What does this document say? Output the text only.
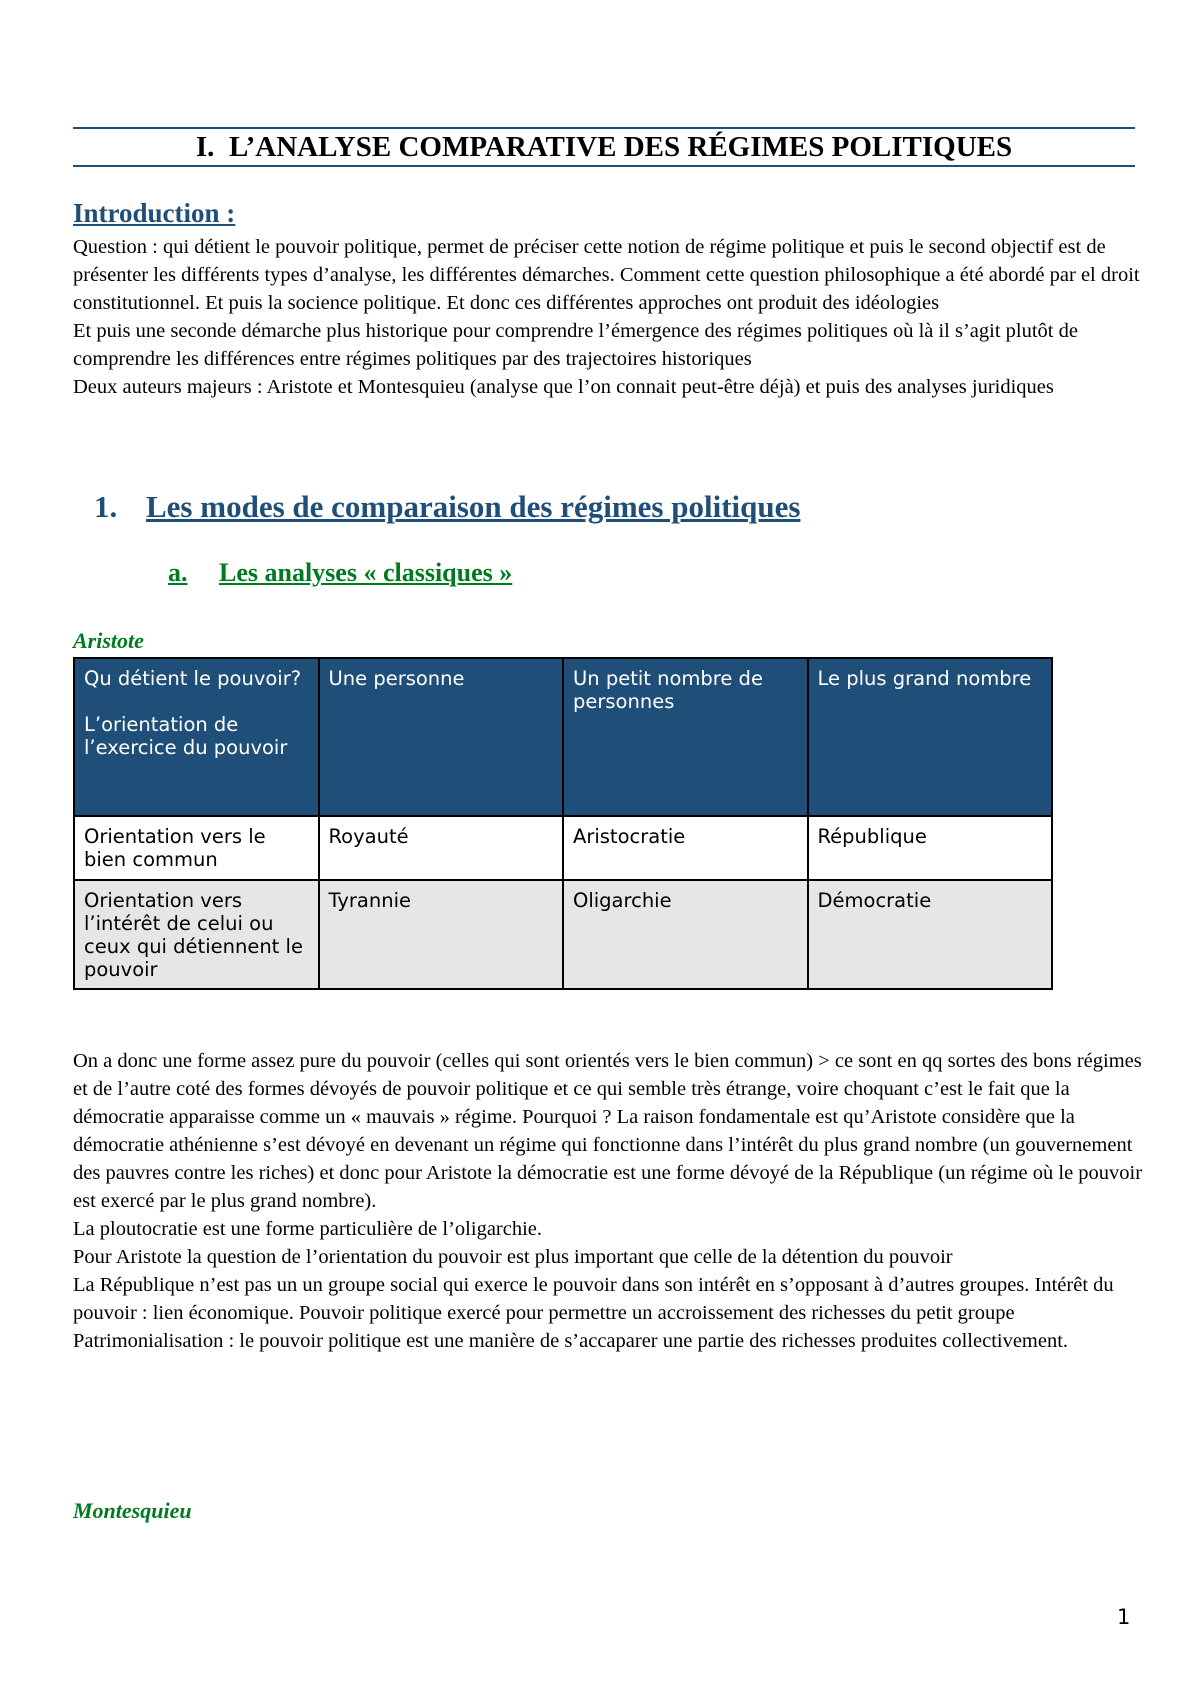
I. L’ANALYSE COMPARATIVE DES RÉGIMES POLITIQUES
Introduction :

Question : qui détient le pouvoir politique, permet de préciser cette notion de régime politique et puis le second objectif est de présenter les différents types d’analyse, les différentes démarches. Comment cette question philosophique a été abordé par el droit constitutionnel. Et puis la socience politique. Et donc ces différentes approches ont produit des idéologies

Et puis une seconde démarche plus historique pour comprendre l’émergence des régimes politiques où là il s’agit plutôt de comprendre les différences entre régimes politiques par des trajectoires historiques

Deux auteurs majeurs : Aristote et Montesquieu (analyse que l’on connait peut-être déjà) et puis des analyses juridiques

1. Les modes de comparaison des régimes politiques
a. Les analyses « classiques »
Aristote
Qu détient le pouvoir?
L’orientation de l’exercice du pouvoir	Une personne	Un petit nombre de personnes	Le plus grand nombre
Orientation vers le bien commun	Royauté	Aristocratie	République
Orientation vers l’intérêt de celui ou ceux qui détiennent le pouvoir	Tyrannie	Oligarchie	Démocratie

On a donc une forme assez pure du pouvoir (celles qui sont orientés vers le bien commun) > ce sont en qq sortes des bons régimes et de l’autre coté des formes dévoyés de pouvoir politique et ce qui semble très étrange, voire choquant c’est le fait que la démocratie apparaisse comme un « mauvais » régime. Pourquoi ? La raison fondamentale est qu’Aristote considère que la démocratie athénienne s’est dévoyé en devenant un régime qui fonctionne dans l’intérêt du plus grand nombre (un gouvernement des pauvres contre les riches) et donc pour Aristote la démocratie est une forme dévoyé de la République (un régime où le pouvoir est exercé par le plus grand nombre).

La ploutocratie est une forme particulière de l’oligarchie.

Pour Aristote la question de l’orientation du pouvoir est plus important que celle de la détention du pouvoir

La République n’est pas un un groupe social qui exerce le pouvoir dans son intérêt en s’opposant à d’autres groupes. Intérêt du pouvoir : lien économique. Pouvoir politique exercé pour permettre un accroissement des richesses du petit groupe

Patrimonialisation : le pouvoir politique est une manière de s’accaparer une partie des richesses produites collectivement.

Montesquieu
1
